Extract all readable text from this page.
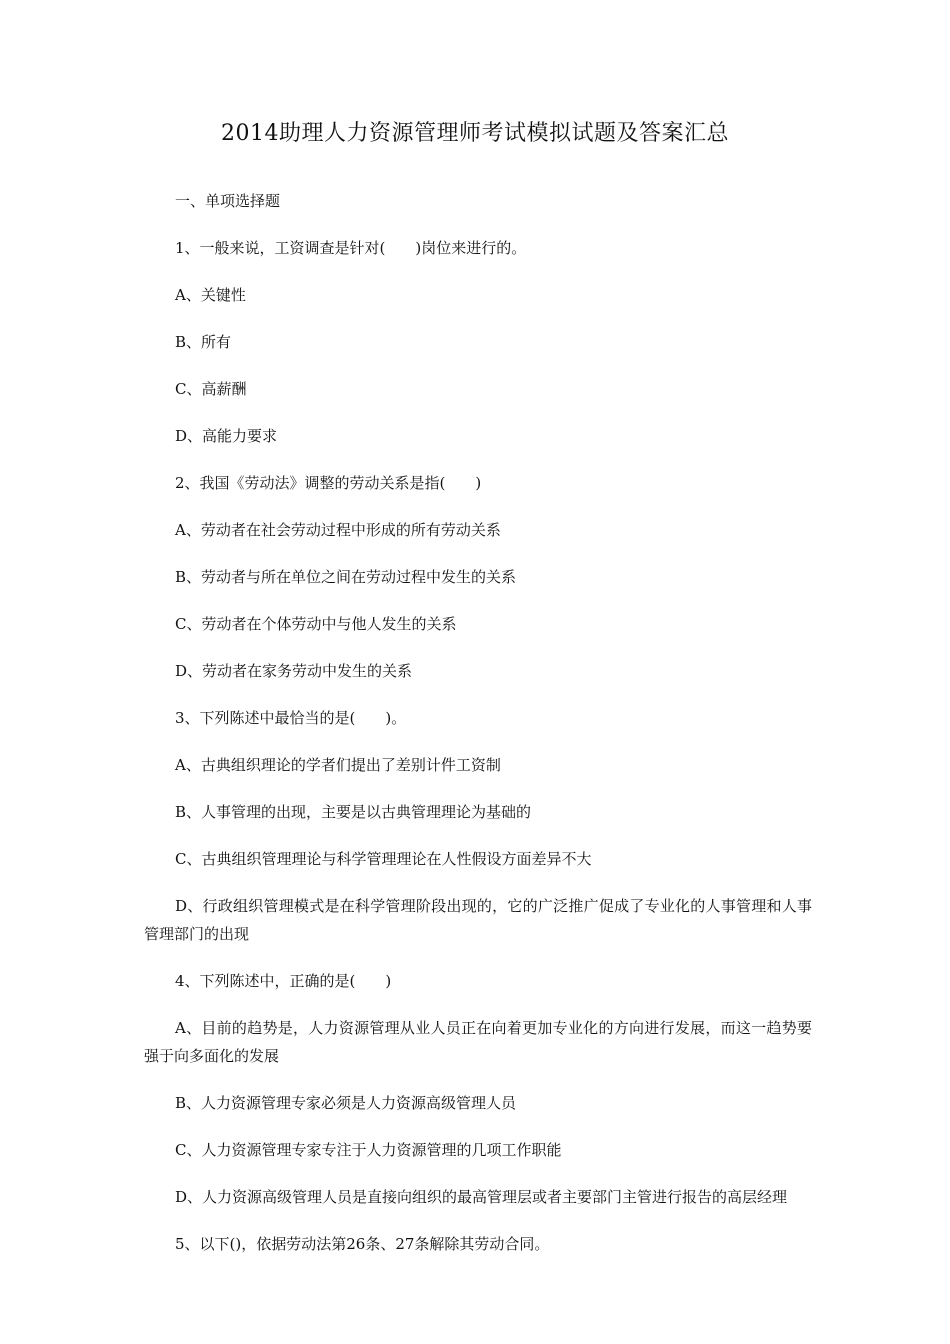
2014助理人力资源管理师考试模拟试题及答案汇总

一、单项选择题

1、一般来说，工资调查是针对(　　)岗位来进行的。

A、关键性

B、所有

C、高薪酬

D、高能力要求

2、我国《劳动法》调整的劳动关系是指(　　)

A、劳动者在社会劳动过程中形成的所有劳动关系

B、劳动者与所在单位之间在劳动过程中发生的关系

C、劳动者在个体劳动中与他人发生的关系

D、劳动者在家务劳动中发生的关系

3、下列陈述中最恰当的是(　　)。

A、古典组织理论的学者们提出了差别计件工资制

B、人事管理的出现，主要是以古典管理理论为基础的

C、古典组织管理理论与科学管理理论在人性假设方面差异不大

D、行政组织管理模式是在科学管理阶段出现的，它的广泛推广促成了专业化的人事管理和人事管理部门的出现

4、下列陈述中，正确的是(　　)

A、目前的趋势是，人力资源管理从业人员正在向着更加专业化的方向进行发展，而这一趋势要强于向多面化的发展

B、人力资源管理专家必须是人力资源高级管理人员

C、人力资源管理专家专注于人力资源管理的几项工作职能

D、人力资源高级管理人员是直接向组织的最高管理层或者主要部门主管进行报告的高层经理

5、以下()，依据劳动法第26条、27条解除其劳动合同。
